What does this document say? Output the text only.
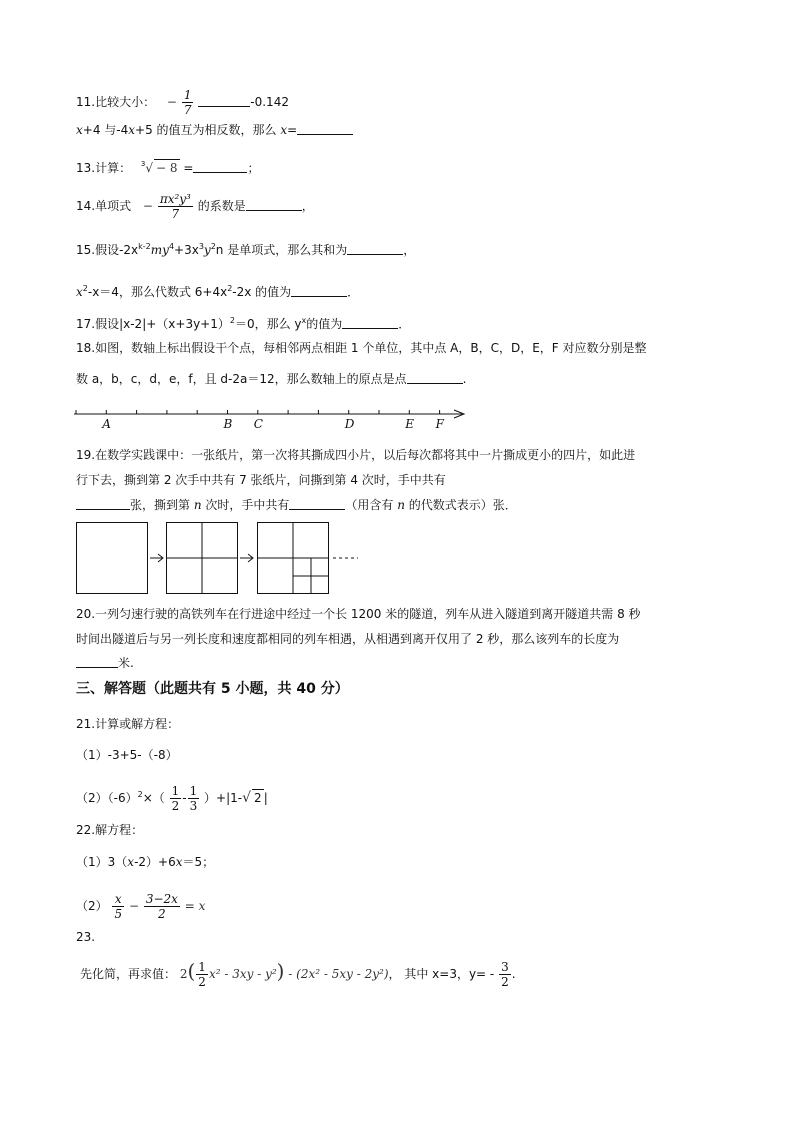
11.比较大小： − $\frac{1}{7}$	-0.142
x+4 与-4x+5 的值互为相反数，那么 x=
13.计算： $^3$√ − 8 =	；
14.单项式 − $\frac{\text{πx²y³}}{7}$ 的系数是	，
15.假设$-2x^{k-2}my^4+3x^3y^2n$ 是单项式，那么其和为	，
$x^2-x=4$，那么代数式 $6+4x^2-2x$ 的值为	．
17.假设$|x-2|+(x+3y+1)^2=0$，那么 $y^x$的值为	．
18.如图，数轴上标出假设干个点，每相邻两点相距 1 个单位，其中点 A，B，C，D，E，F 对应数分别是整
数 a，b，c，d，e，f，且 d-2a＝12，那么数轴上的原点是点	.
A	B C	D	E F
19.在数学实践课中：一张纸片，第一次将其撕成四小片，以后每次都将其中一片撕成更小的四片，如此进
行下去，撕到第 2 次手中共有 7 张纸片，问撕到第 4 次时，手中共有
张，撕到第 n 次时，手中共有	（用含有 n 的代数式表示）张．
20.一列匀速行驶的高铁列车在行进途中经过一个长 1200 米的隧道，列车从进入隧道到离开隧道共需 8 秒
时间出隧道后与另一列长度和速度都相同的列车相遇，从相遇到离开仅用了 2 秒，那么该列车的长度为
米.
三、解答题（此题共有 5 小题，共 40 分）
21.计算或解方程：
（1）-3+5-（-8）
$(2)(-6)^2\times( \frac{1}{2} - \frac{1}{3} )+|1-√$ 2 |
22.解方程：
（1）3（x-2）+6x＝5；
$(2) \frac{x}{5} - \frac{3-2x}{2} = x$
23.
先化简，再求值： $2( \frac{1}{2} x^2 - 3xy - y^2) - (2x^2 - 5xy - 2y^2)$， 其中 x=3，$y= - \frac{3}{2}$ .
